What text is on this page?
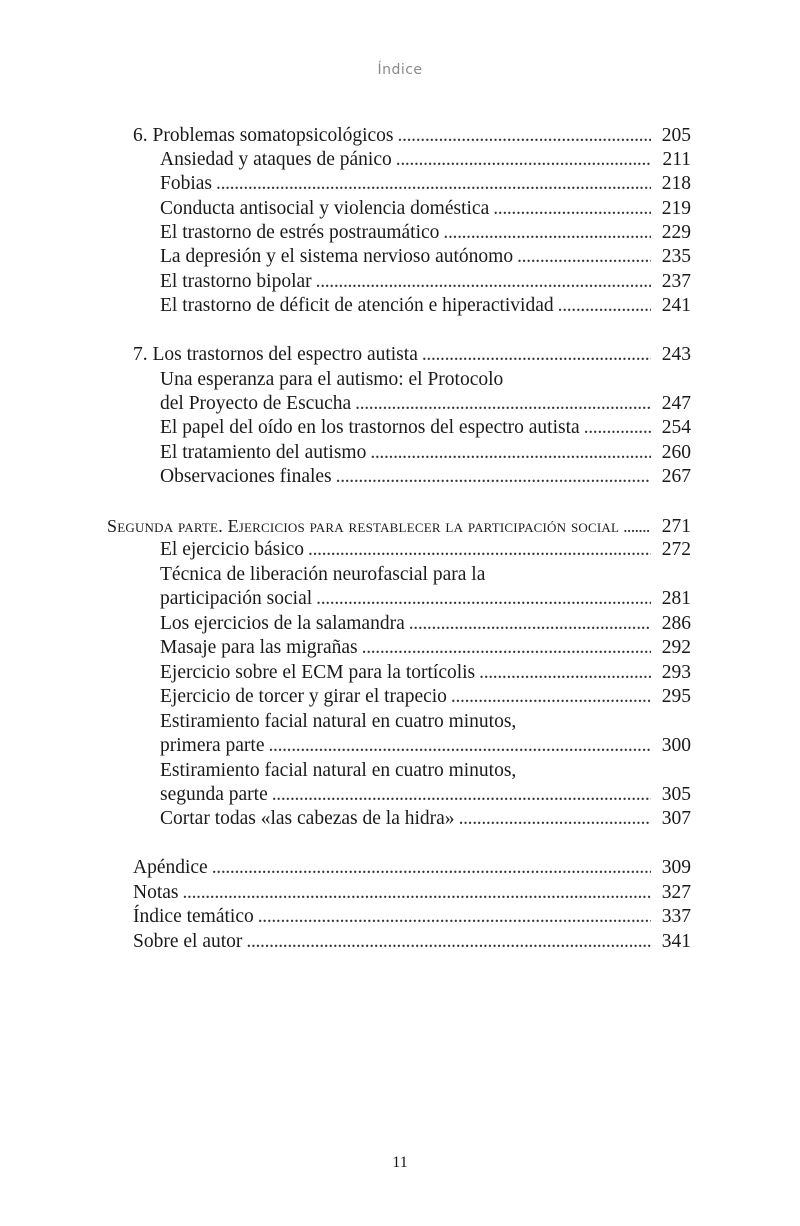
Índice
6. Problemas somatopsicológicos . . .	205
Ansiedad y ataques de pánico . . .	211
Fobias . . .	218
Conducta antisocial y violencia doméstica . . .	219
El trastorno de estrés postraumático . . .	229
La depresión y el sistema nervioso autónomo . . .	235
El trastorno bipolar . . .	237
El trastorno de déficit de atención e hiperactividad . . .	241
7. Los trastornos del espectro autista . . .	243
Una esperanza para el autismo: el Protocolo
del Proyecto de Escucha . . .	247
El papel del oído en los trastornos del espectro autista . . .	254
El tratamiento del autismo . . .	260
Observaciones finales . . .	267
Segunda parte. Ejercicios para restablecer la participación social . . . 271
El ejercicio básico . . .	272
Técnica de liberación neurofascial para la
participación social . . .	281
Los ejercicios de la salamandra . . .	286
Masaje para las migrañas . . .	292
Ejercicio sobre el ECM para la tortícolis . . .	293
Ejercicio de torcer y girar el trapecio . . .	295
Estiramiento facial natural en cuatro minutos,
primera parte . . .	300
Estiramiento facial natural en cuatro minutos,
segunda parte . . .	305
Cortar todas «las cabezas de la hidra» . . .	307
Apéndice . . .	309
Notas . . .	327
Índice temático . . .	337
Sobre el autor . . .	341
11
